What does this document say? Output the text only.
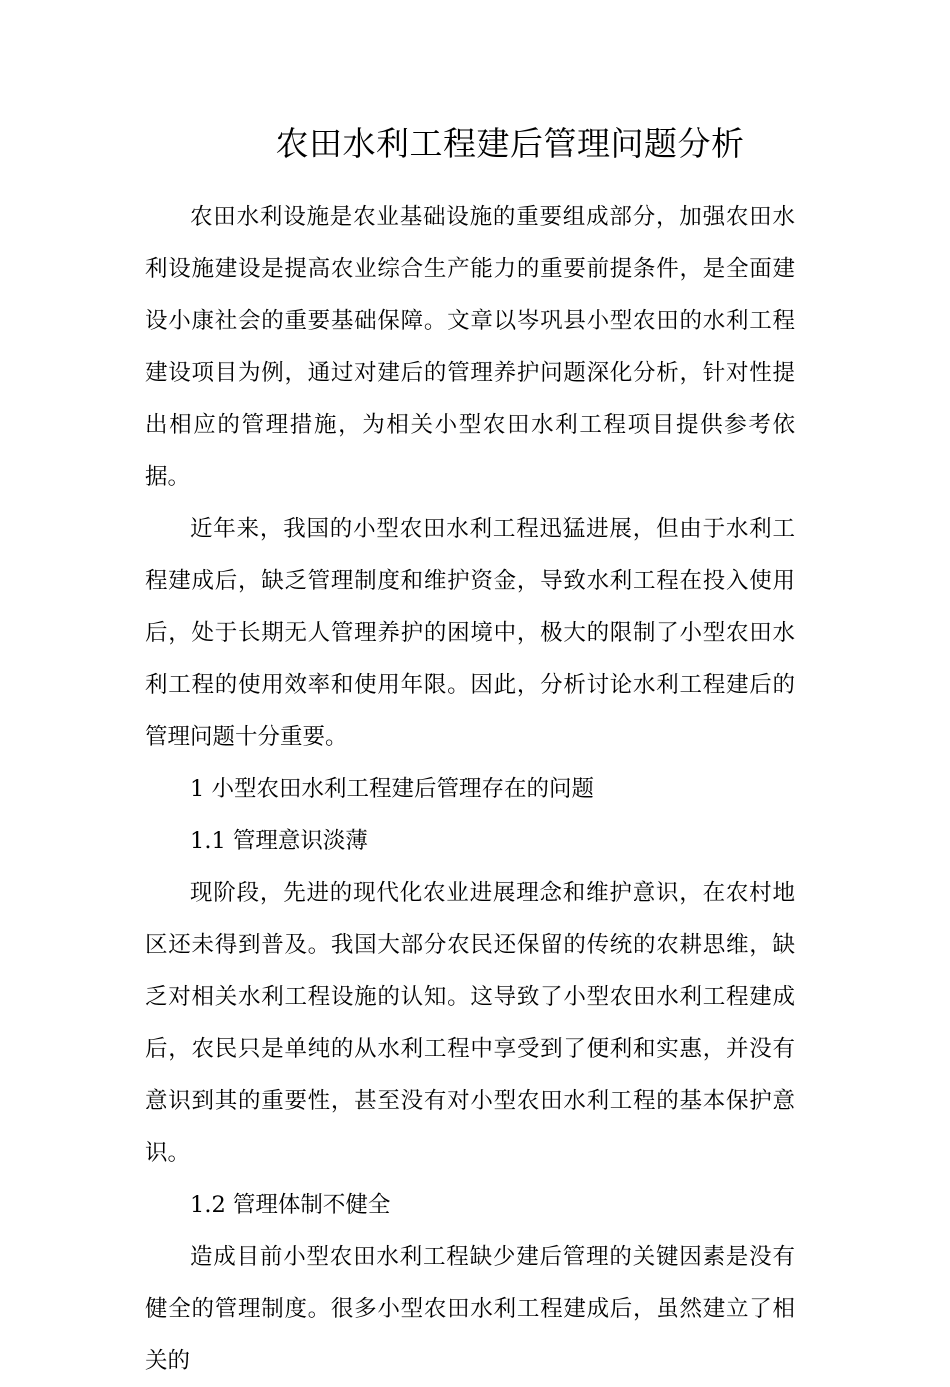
农田水利工程建后管理问题分析

农田水利设施是农业基础设施的重要组成部分，加强农田水利设施建设是提高农业综合生产能力的重要前提条件，是全面建设小康社会的重要基础保障。文章以岑巩县小型农田的水利工程建设项目为例，通过对建后的管理养护问题深化分析，针对性提出相应的管理措施，为相关小型农田水利工程项目提供参考依据。

近年来，我国的小型农田水利工程迅猛进展，但由于水利工程建成后，缺乏管理制度和维护资金，导致水利工程在投入使用后，处于长期无人管理养护的困境中，极大的限制了小型农田水利工程的使用效率和使用年限。因此，分析讨论水利工程建后的管理问题十分重要。

1 小型农田水利工程建后管理存在的问题

1.1 管理意识淡薄

现阶段，先进的现代化农业进展理念和维护意识，在农村地区还未得到普及。我国大部分农民还保留的传统的农耕思维，缺乏对相关水利工程设施的认知。这导致了小型农田水利工程建成后，农民只是单纯的从水利工程中享受到了便利和实惠，并没有意识到其的重要性，甚至没有对小型农田水利工程的基本保护意识。

1.2 管理体制不健全

造成目前小型农田水利工程缺少建后管理的关键因素是没有健全的管理制度。很多小型农田水利工程建成后，虽然建立了相关的
